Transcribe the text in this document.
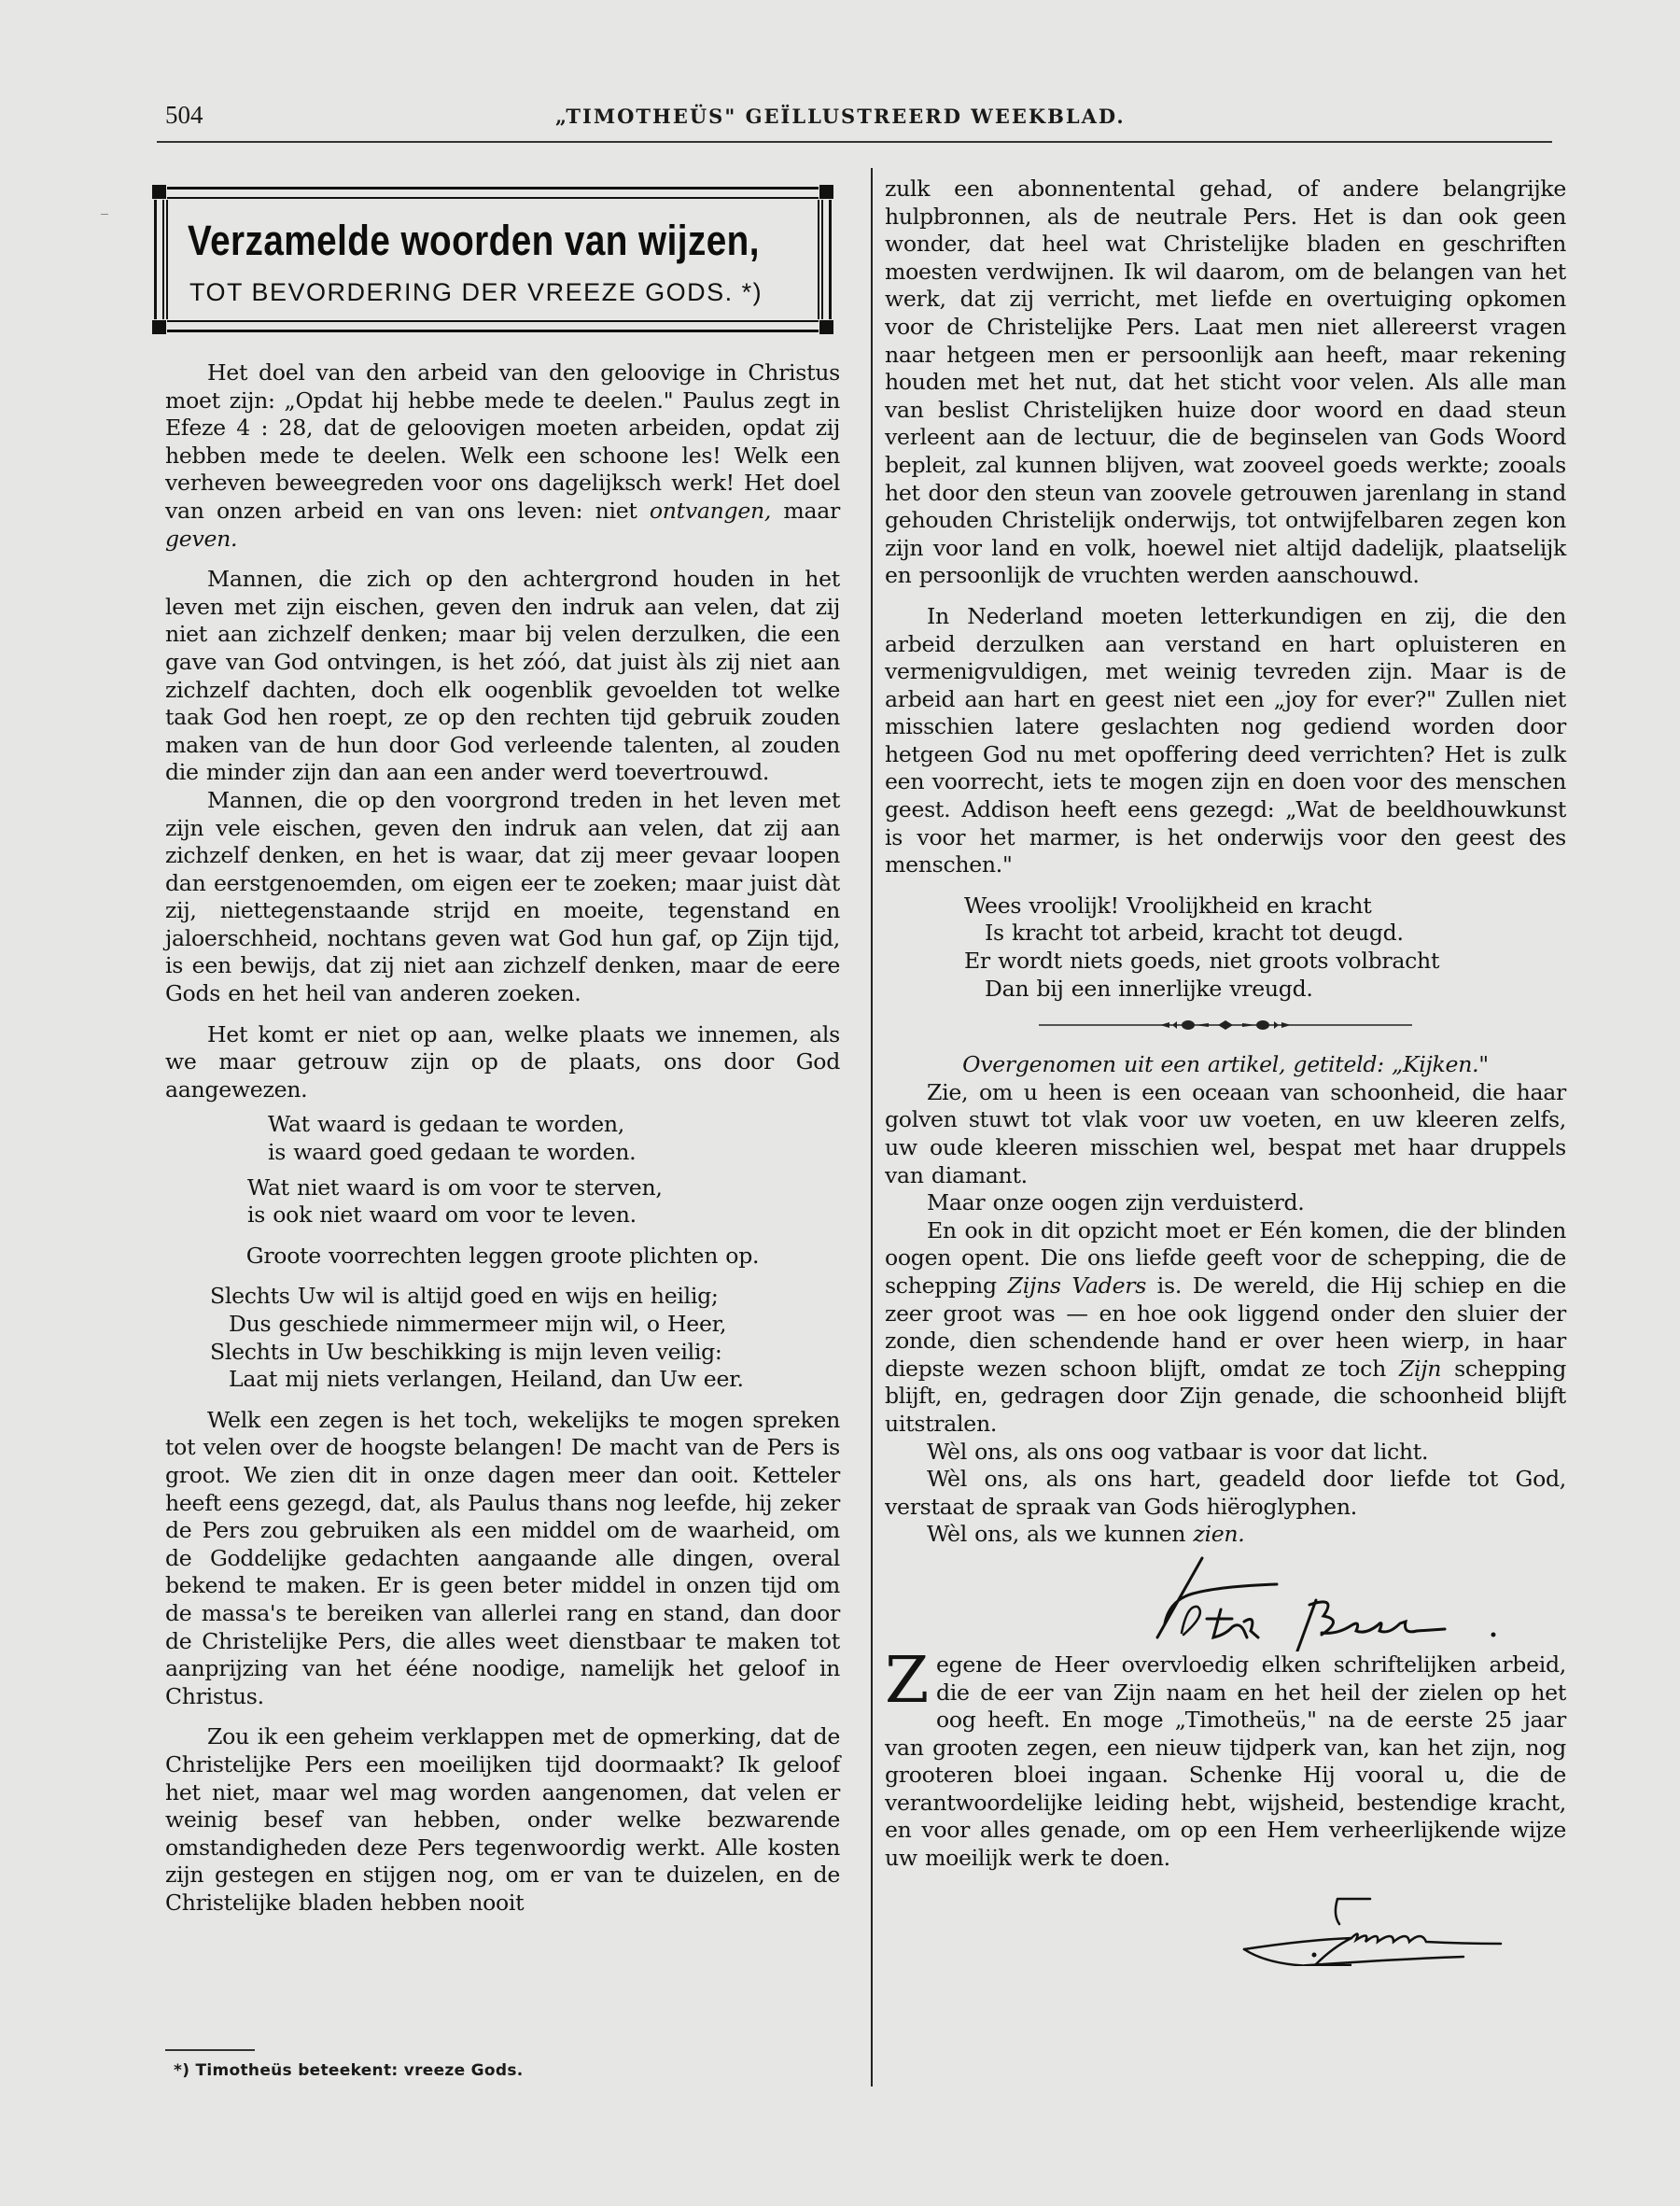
504	„TIMOTHEÜS" GEÏLLUSTREERD WEEKBLAD.
Verzamelde woorden van wijzen,
TOT BEVORDERING DER VREEZE GODS. *)

Het doel van den arbeid van den geloovige in Christus moet zijn: „Opdat hij hebbe mede te deelen." Paulus zegt in Efeze 4 : 28, dat de geloovigen moeten arbeiden, opdat zij hebben mede te deelen. Welk een schoone les! Welk een verheven beweegreden voor ons dagelijksch werk! Het doel van onzen arbeid en van ons leven: niet ontvangen, maar geven.

Mannen, die zich op den achtergrond houden in het leven met zijn eischen, geven den indruk aan velen, dat zij niet aan zichzelf denken; maar bij velen derzulken, die een gave van God ontvingen, is het zóó, dat juist àls zij niet aan zichzelf dachten, doch elk oogenblik gevoelden tot welke taak God hen roept, ze op den rechten tijd gebruik zouden maken van de hun door God verleende talenten, al zouden die minder zijn dan aan een ander werd toevertrouwd.

Mannen, die op den voorgrond treden in het leven met zijn vele eischen, geven den indruk aan velen, dat zij aan zichzelf denken, en het is waar, dat zij meer gevaar loopen dan eerstgenoemden, om eigen eer te zoeken; maar juist dàt zij, niettegenstaande strijd en moeite, tegenstand en jaloerschheid, nochtans geven wat God hun gaf, op Zijn tijd, is een bewijs, dat zij niet aan zichzelf denken, maar de eere Gods en het heil van anderen zoeken.

Het komt er niet op aan, welke plaats we innemen, als we maar getrouw zijn op de plaats, ons door God aangewezen.

Wat waard is gedaan te worden,
is waard goed gedaan te worden.
Wat niet waard is om voor te sterven,
is ook niet waard om voor te leven.

Groote voorrechten leggen groote plichten op.

Slechts Uw wil is altijd goed en wijs en heilig;
Dus geschiede nimmermeer mijn wil, o Heer,
Slechts in Uw beschikking is mijn leven veilig:
Laat mij niets verlangen, Heiland, dan Uw eer.

Welk een zegen is het toch, wekelijks te mogen spreken tot velen over de hoogste belangen! De macht van de Pers is groot. We zien dit in onze dagen meer dan ooit. Ketteler heeft eens gezegd, dat, als Paulus thans nog leefde, hij zeker de Pers zou gebruiken als een middel om de waarheid, om de Goddelijke gedachten aangaande alle dingen, overal bekend te maken. Er is geen beter middel in onzen tijd om de massa's te bereiken van allerlei rang en stand, dan door de Christelijke Pers, die alles weet dienstbaar te maken tot aanprijzing van het ééne noodige, namelijk het geloof in Christus.

Zou ik een geheim verklappen met de opmerking, dat de Christelijke Pers een moeilijken tijd doormaakt? Ik geloof het niet, maar wel mag worden aangenomen, dat velen er weinig besef van hebben, onder welke bezwarende omstandigheden deze Pers tegenwoordig werkt. Alle kosten zijn gestegen en stijgen nog, om er van te duizelen, en de Christelijke bladen hebben nooit

*) Timotheüs beteekent: vreeze Gods.

zulk een abonnentental gehad, of andere belangrijke hulpbronnen, als de neutrale Pers. Het is dan ook geen wonder, dat heel wat Christelijke bladen en geschriften moesten verdwijnen. Ik wil daarom, om de belangen van het werk, dat zij verricht, met liefde en overtuiging opkomen voor de Christelijke Pers. Laat men niet allereerst vragen naar hetgeen men er persoonlijk aan heeft, maar rekening houden met het nut, dat het sticht voor velen. Als alle man van beslist Christelijken huize door woord en daad steun verleent aan de lectuur, die de beginselen van Gods Woord bepleit, zal kunnen blijven, wat zooveel goeds werkte; zooals het door den steun van zoovele getrouwen jarenlang in stand gehouden Christelijk onderwijs, tot ontwijfelbaren zegen kon zijn voor land en volk, hoewel niet altijd dadelijk, plaatselijk en persoonlijk de vruchten werden aanschouwd.

In Nederland moeten letterkundigen en zij, die den arbeid derzulken aan verstand en hart opluisteren en vermenigvuldigen, met weinig tevreden zijn. Maar is de arbeid aan hart en geest niet een „joy for ever?" Zullen niet misschien latere geslachten nog gediend worden door hetgeen God nu met opoffering deed verrichten? Het is zulk een voorrecht, iets te mogen zijn en doen voor des menschen geest. Addison heeft eens gezegd: „Wat de beeldhouwkunst is voor het marmer, is het onderwijs voor den geest des menschen."

Wees vroolijk! Vroolijkheid en kracht
Is kracht tot arbeid, kracht tot deugd.
Er wordt niets goeds, niet groots volbracht
Dan bij een innerlijke vreugd.

Overgenomen uit een artikel, getiteld: „Kijken."

Zie, om u heen is een oceaan van schoonheid, die haar golven stuwt tot vlak voor uw voeten, en uw kleeren zelfs, uw oude kleeren misschien wel, bespat met haar druppels van diamant.

Maar onze oogen zijn verduisterd.

En ook in dit opzicht moet er Eén komen, die der blinden oogen opent. Die ons liefde geeft voor de schepping, die de schepping Zijns Vaders is. De wereld, die Hij schiep en die zeer groot was — en hoe ook liggend onder den sluier der zonde, dien schendende hand er over heen wierp, in haar diepste wezen schoon blijft, omdat ze toch Zijn schepping blijft, en, gedragen door Zijn genade, die schoonheid blijft uitstralen.

Wèl ons, als ons oog vatbaar is voor dat licht.

Wèl ons, als ons hart, geadeld door liefde tot God, verstaat de spraak van Gods hiëroglyphen.

Wèl ons, als we kunnen zien.

Zegene de Heer overvloedig elken schriftelijken arbeid, die de eer van Zijn naam en het heil der zielen op het oog heeft. En moge „Timotheüs," na de eerste 25 jaar van grooten zegen, een nieuw tijdperk van, kan het zijn, nog grooteren bloei ingaan. Schenke Hij vooral u, die de verantwoordelijke leiding hebt, wijsheid, bestendige kracht, en voor alles genade, om op een Hem verheerlijkende wijze uw moeilijk werk te doen.
